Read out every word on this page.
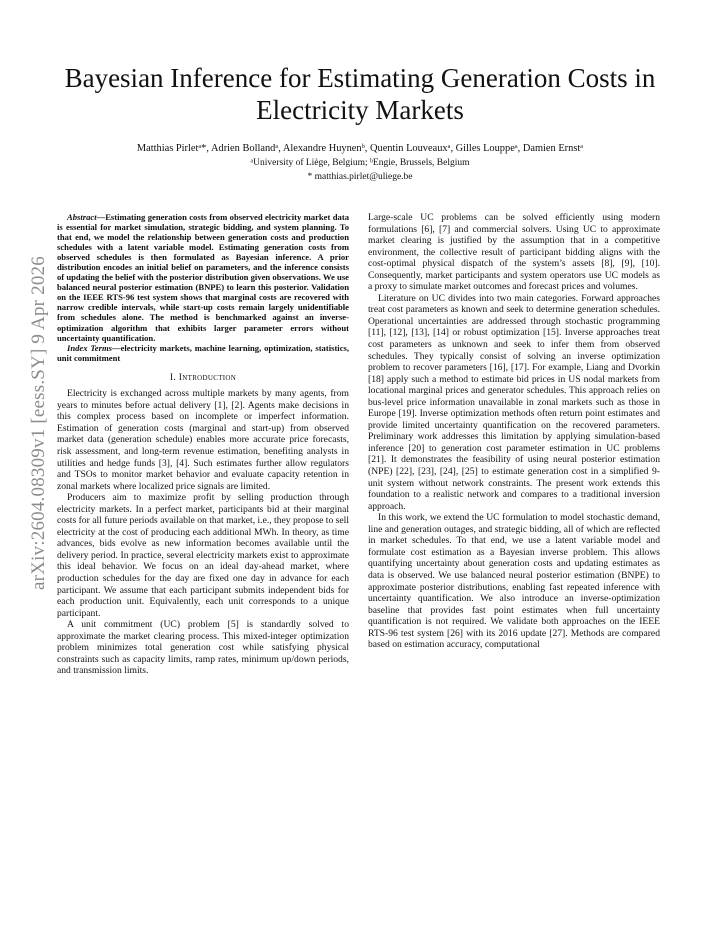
arXiv:2604.08309v1 [eess.SY] 9 Apr 2026
Bayesian Inference for Estimating Generation Costs in Electricity Markets
Matthias Pirletᵃ*, Adrien Bollandᵃ, Alexandre Huynenᵇ, Quentin Louveauxᵃ, Gilles Louppeᵃ, Damien Ernstᵃ
ᵃUniversity of Liège, Belgium; ᵇEngie, Brussels, Belgium
* matthias.pirlet@uliege.be

Abstract—Estimating generation costs from observed electricity market data is essential for market simulation, strategic bidding, and system planning. To that end, we model the relationship between generation costs and production schedules with a latent variable model. Estimating generation costs from observed schedules is then formulated as Bayesian inference. A prior distribution encodes an initial belief on parameters, and the inference consists of updating the belief with the posterior distribution given observations. We use balanced neural posterior estimation (BNPE) to learn this posterior. Validation on the IEEE RTS-96 test system shows that marginal costs are recovered with narrow credible intervals, while start-up costs remain largely unidentifiable from schedules alone. The method is benchmarked against an inverse-optimization algorithm that exhibits larger parameter errors without uncertainty quantification.

Index Terms—electricity markets, machine learning, optimization, statistics, unit commitment

I. Introduction

Electricity is exchanged across multiple markets by many agents, from years to minutes before actual delivery [1], [2]. Agents make decisions in this complex process based on incomplete or imperfect information. Estimation of generation costs (marginal and start-up) from observed market data (generation schedule) enables more accurate price forecasts, risk assessment, and long-term revenue estimation, benefiting analysts in utilities and hedge funds [3], [4]. Such estimates further allow regulators and TSOs to monitor market behavior and evaluate capacity retention in zonal markets where localized price signals are limited.

Producers aim to maximize profit by selling production through electricity markets. In a perfect market, participants bid at their marginal costs for all future periods available on that market, i.e., they propose to sell electricity at the cost of producing each additional MWh. In theory, as time advances, bids evolve as new information becomes available until the delivery period. In practice, several electricity markets exist to approximate this ideal behavior. We focus on an ideal day-ahead market, where production schedules for the day are fixed one day in advance for each participant. We assume that each participant submits independent bids for each production unit. Equivalently, each unit corresponds to a unique participant.

A unit commitment (UC) problem [5] is standardly solved to approximate the market clearing process. This mixed-integer optimization problem minimizes total generation cost while satisfying physical constraints such as capacity limits, ramp rates, minimum up/down periods, and transmission limits.

Large-scale UC problems can be solved efficiently using modern formulations [6], [7] and commercial solvers. Using UC to approximate market clearing is justified by the assumption that in a competitive environment, the collective result of participant bidding aligns with the cost-optimal physical dispatch of the system’s assets [8], [9], [10]. Consequently, market participants and system operators use UC models as a proxy to simulate market outcomes and forecast prices and volumes.

Literature on UC divides into two main categories. Forward approaches treat cost parameters as known and seek to determine generation schedules. Operational uncertainties are addressed through stochastic programming [11], [12], [13], [14] or robust optimization [15]. Inverse approaches treat cost parameters as unknown and seek to infer them from observed schedules. They typically consist of solving an inverse optimization problem to recover parameters [16], [17]. For example, Liang and Dvorkin [18] apply such a method to estimate bid prices in US nodal markets from locational marginal prices and generator schedules. This approach relies on bus-level price information unavailable in zonal markets such as those in Europe [19]. Inverse optimization methods often return point estimates and provide limited uncertainty quantification on the recovered parameters. Preliminary work addresses this limitation by applying simulation-based inference [20] to generation cost parameter estimation in UC problems [21]. It demonstrates the feasibility of using neural posterior estimation (NPE) [22], [23], [24], [25] to estimate generation cost in a simplified 9-unit system without network constraints. The present work extends this foundation to a realistic network and compares to a traditional inversion approach.

In this work, we extend the UC formulation to model stochastic demand, line and generation outages, and strategic bidding, all of which are reflected in market schedules. To that end, we use a latent variable model and formulate cost estimation as a Bayesian inverse problem. This allows quantifying uncertainty about generation costs and updating estimates as data is observed. We use balanced neural posterior estimation (BNPE) to approximate posterior distributions, enabling fast repeated inference with uncertainty quantification. We also introduce an inverse-optimization baseline that provides fast point estimates when full uncertainty quantification is not required. We validate both approaches on the IEEE RTS-96 test system [26] with its 2016 update [27]. Methods are compared based on estimation accuracy, computational
